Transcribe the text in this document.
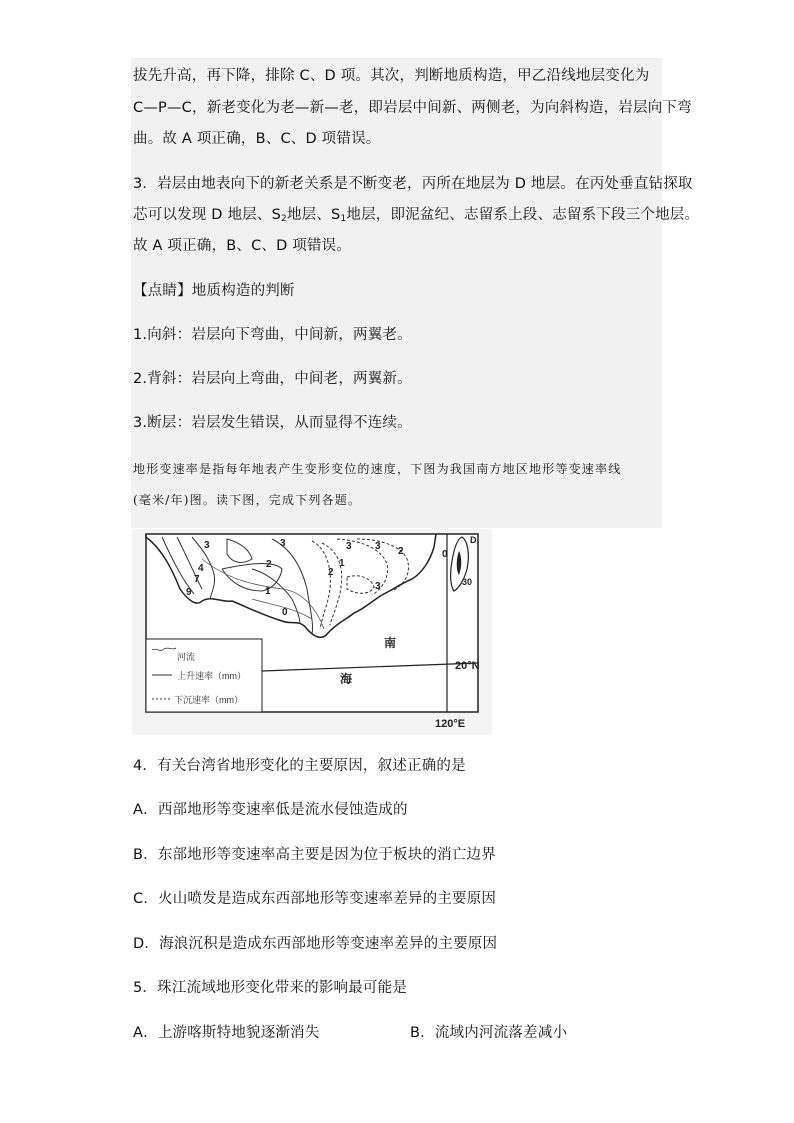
拔先升高，再下降，排除 C、D 项。其次，判断地质构造，甲乙沿线地层变化为
C—P—C，新老变化为老—新—老，即岩层中间新、两侧老，为向斜构造，岩层向下弯
曲。故 A 项正确，B、C、D 项错误。
3．岩层由地表向下的新老关系是不断变老，丙所在地层为 D 地层。在丙处垂直钻探取
芯可以发现 D 地层、$S_2$地层、$S_1$地层，即泥盆纪、志留系上段、志留系下段三个地层。
故 A 项正确，B、C、D 项错误。
【点睛】地质构造的判断
1.向斜：岩层向下弯曲，中间新，两翼老。
2.背斜：岩层向上弯曲，中间老，两翼新。
3.断层：岩层发生错误，从而显得不连续。
地形变速率是指每年地表产生变形变位的速度，下图为我国南方地区地形等变速率线
(毫米/年)图。读下图，完成下列各题。
河流
上升速率（mm）
下沉速率（mm）
南
海
20°N
120°E
3	3
4
7
9
2
1
0
1
2
3
3
2
3
0
30
D
4．有关台湾省地形变化的主要原因，叙述正确的是
A．西部地形等变速率低是流水侵蚀造成的
B．东部地形等变速率高主要是因为位于板块的消亡边界
C．火山喷发是造成东西部地形等变速率差异的主要原因
D．海浪沉积是造成东西部地形等变速率差异的主要原因
5．珠江流域地形变化带来的影响最可能是
A．上游喀斯特地貌逐渐消失	B．流域内河流落差减小
